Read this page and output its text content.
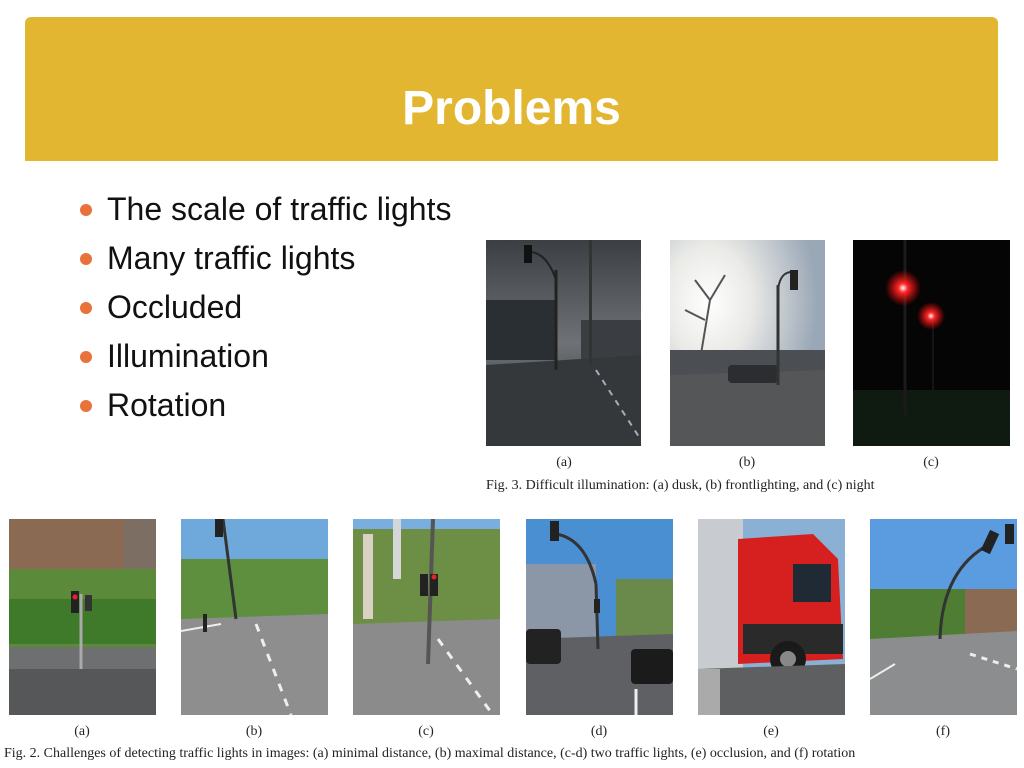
Problems
The scale of traffic lights
Many traffic lights
Occluded
Illumination
Rotation
(a)	(b)	(c)
Fig. 3. Difficult illumination: (a) dusk, (b) frontlighting, and (c) night
(a)	(b)	(c)	(d)	(e)	(f)
Fig. 2. Challenges of detecting traffic lights in images: (a) minimal distance, (b) maximal distance, (c-d) two traffic lights, (e) occlusion, and (f) rotation
